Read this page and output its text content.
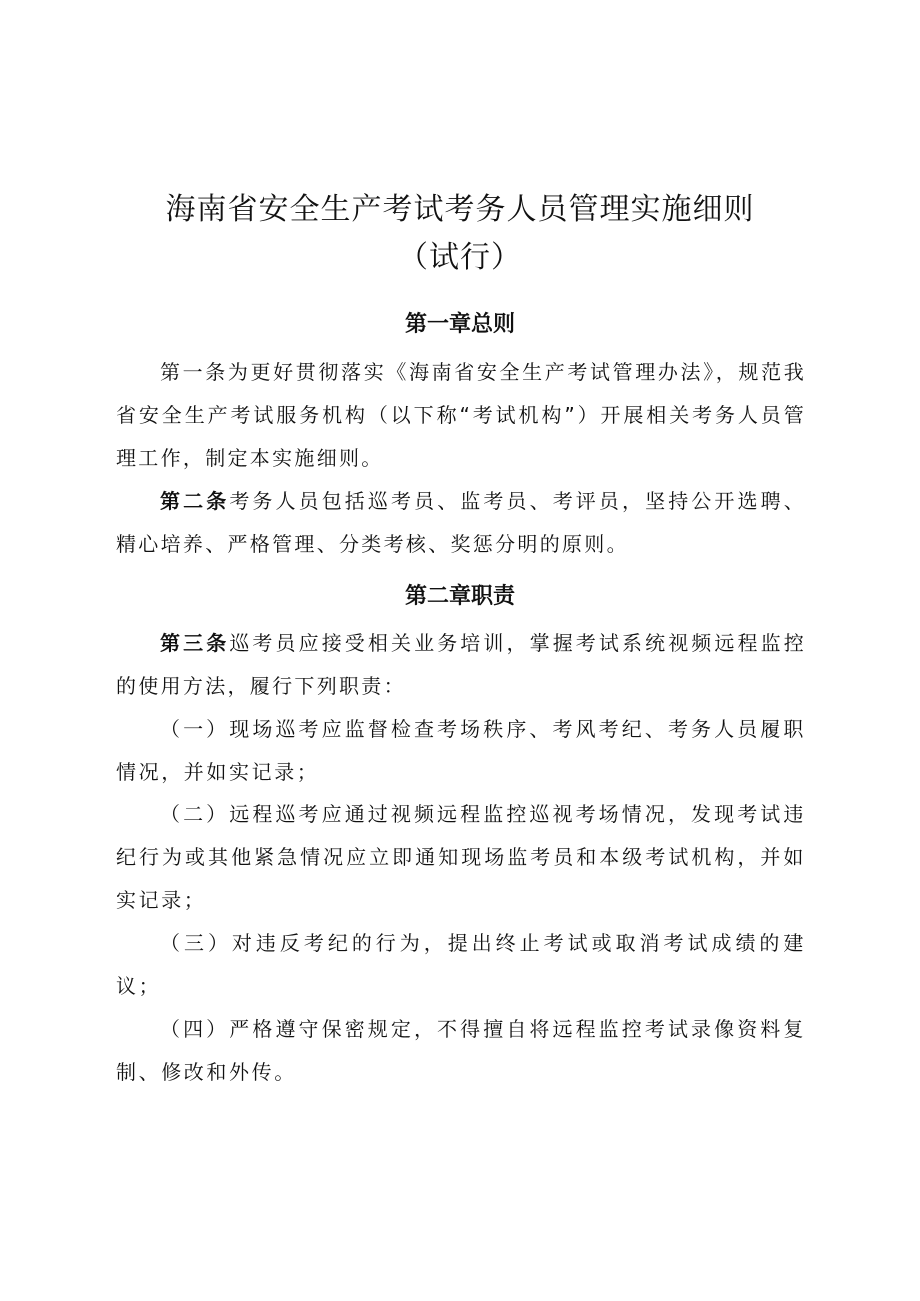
海南省安全生产考试考务人员管理实施细则
（试行）
第一章总则

第一条为更好贯彻落实《海南省安全生产考试管理办法》，规范我省安全生产考试服务机构（以下称“考试机构”）开展相关考务人员管理工作，制定本实施细则。

第二条考务人员包括巡考员、监考员、考评员，坚持公开选聘、精心培养、严格管理、分类考核、奖惩分明的原则。

第二章职责

第三条巡考员应接受相关业务培训，掌握考试系统视频远程监控的使用方法，履行下列职责：

（一）现场巡考应监督检查考场秩序、考风考纪、考务人员履职情况，并如实记录；

（二）远程巡考应通过视频远程监控巡视考场情况，发现考试违纪行为或其他紧急情况应立即通知现场监考员和本级考试机构，并如实记录；

（三）对违反考纪的行为，提出终止考试或取消考试成绩的建议；

（四）严格遵守保密规定，不得擅自将远程监控考试录像资料复制、修改和外传。
